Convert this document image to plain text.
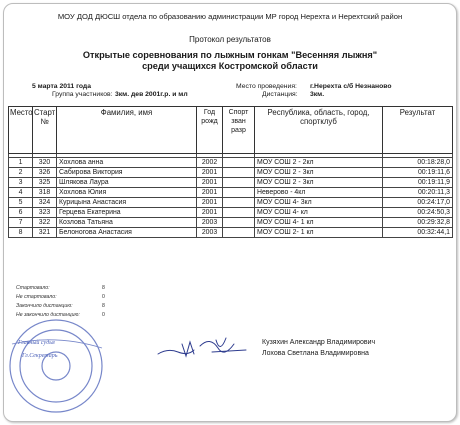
МОУ ДОД ДЮСШ отдела по образованию администрации МР город Нерехта и Нерехтский район
Протокол результатов
Открытые соревнования по лыжным гонкам "Весенняя лыжня"
среди учащихся Костромской области
5 марта 2011 года
Группа участников: 3км. дев 2001г.р. и мл
Место проведения: г.Нерехта с/б Незнаново
Дистанция: 3км.
Место	Старт №	Фамилия, имя	Год рожд	Спорт зван разр	Республика, область, город, спортклуб	Результат

1	320	Хохлова анна	2002		МОУ СОШ 2 - 2кл	00:18:28,0
2	326	Сабирова Виктория	2001		МОУ СОШ 2 - 3кл	00:19:11,6
3	325	Шлякова Лаура	2001		МОУ СОШ 2 - 3кл	00:19:11,9
4	318	Хохлова Юлия	2001		Неверово - 4кл	00:20:11,3
5	324	Курицына Анастасия	2001		МОУ СОШ 4- 3кл	00:24:17,0
6	323	Герцева Екатерина	2001		МОУ СОШ 4- кл	00:24:50,3
7	322	Козлова Татьяна	2003		МОУ СОШ 4- 1 кл	00:29:32,8
8	321	Белоногова Анастасия	2003		МОУ СОШ 2- 1 кл	00:32:44,1
Стартовало:	8
Не стартовало:	0
Закончило дистанцию:	8
Не закончило дистанцию:	0
Главный судья
Гл.Секретарь
Кузяхин Александр Владимирович
Лохова Светлана Владимировна
